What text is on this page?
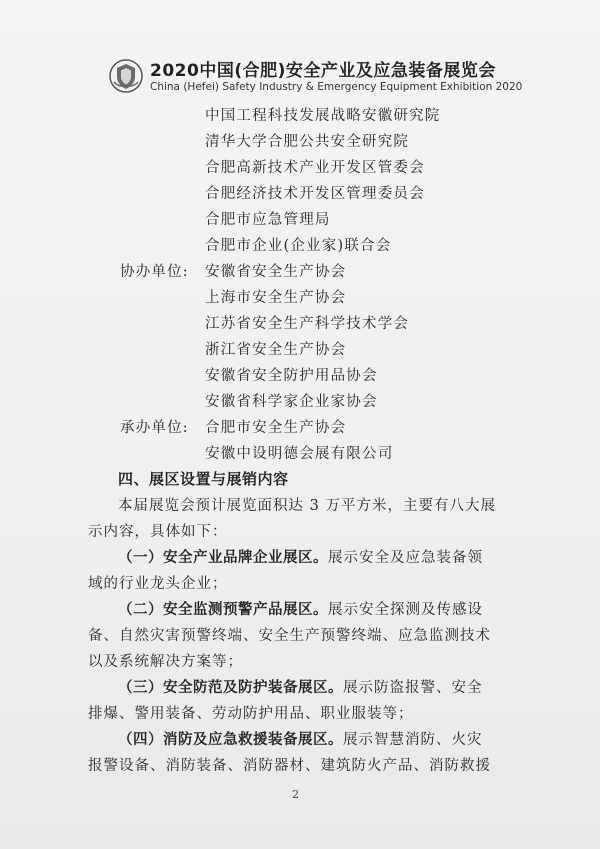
2020中国(合肥)安全产业及应急装备展览会
China (Hefei) Safety Industry & Emergency Equipment Exhibition 2020
中国工程科技发展战略安徽研究院
清华大学合肥公共安全研究院
合肥高新技术产业开发区管委会
合肥经济技术开发区管理委员会
合肥市应急管理局
合肥市企业(企业家)联合会
协办单位: 安徽省安全生产协会
上海市安全生产协会
江苏省安全生产科学技术学会
浙江省安全生产协会
安徽省安全防护用品协会
安徽省科学家企业家协会
承办单位: 合肥市安全生产协会
安徽中设明德会展有限公司
四、展区设置与展销内容
本届展览会预计展览面积达 3 万平方米，主要有八大展
示内容，具体如下：
（一）安全产业品牌企业展区。展示安全及应急装备领
域的行业龙头企业；
（二）安全监测预警产品展区。展示安全探测及传感设
备、自然灾害预警终端、安全生产预警终端、应急监测技术
以及系统解决方案等；
（三）安全防范及防护装备展区。展示防盗报警、安全
排爆、警用装备、劳动防护用品、职业服装等；
（四）消防及应急救援装备展区。展示智慧消防、火灾
报警设备、消防装备、消防器材、建筑防火产品、消防救援
2
